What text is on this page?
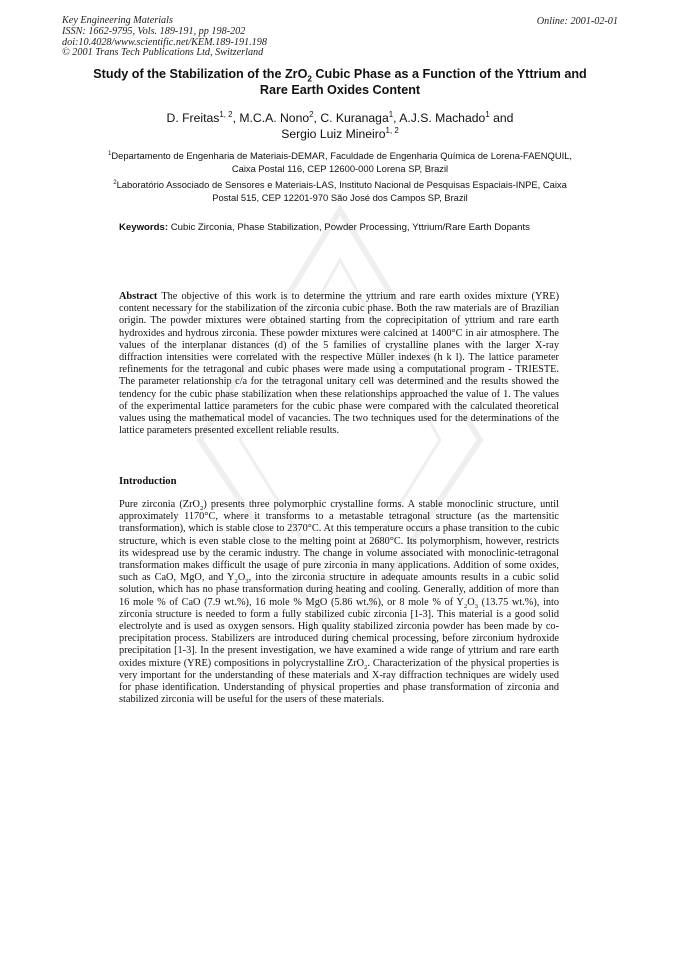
Key Engineering Materials
ISSN: 1662-9795, Vols. 189-191, pp 198-202
doi:10.4028/www.scientific.net/KEM.189-191.198
© 2001 Trans Tech Publications Ltd, Switzerland
Online: 2001-02-01
Study of the Stabilization of the ZrO$_2$ Cubic Phase as a Function of the Yttrium and Rare Earth Oxides Content
D. Freitas$^{1, 2}$, M.C.A. Nono$^2$, C. Kuranaga$^1$, A.J.S. Machado$^1$ and
Sergio Luiz Mineiro$^{1, 2}$
$^1$Departamento de Engenharia de Materiais-DEMAR, Faculdade de Engenharia Química de Lorena-FAENQUIL, Caixa Postal 116, CEP 12600-000 Lorena SP, Brazil
$^2$Laboratório Associado de Sensores e Materiais-LAS, Instituto Nacional de Pesquisas Espaciais-INPE, Caixa Postal 515, CEP 12201-970 São José dos Campos SP, Brazil
Keywords: Cubic Zirconia, Phase Stabilization, Powder Processing, Yttrium/Rare Earth Dopants
Abstract The objective of this work is to determine the yttrium and rare earth oxides mixture (YRE) content necessary for the stabilization of the zirconia cubic phase. Both the raw materials are of Brazilian origin. The powder mixtures were obtained starting from the coprecipitation of yttrium and rare earth hydroxides and hydrous zirconia. These powder mixtures were calcined at 1400°C in air atmosphere. The values of the interplanar distances (d) of the 5 families of crystalline planes with the larger X-ray diffraction intensities were correlated with the respective Müller indexes (h k l). The lattice parameter refinements for the tetragonal and cubic phases were made using a computational program - TRIESTE. The parameter relationship c/a for the tetragonal unitary cell was determined and the results showed the tendency for the cubic phase stabilization when these relationships approached the value of 1. The values of the experimental lattice parameters for the cubic phase were compared with the calculated theoretical values using the mathematical model of vacancies. The two techniques used for the determinations of the lattice parameters presented excellent reliable results.
Introduction
Pure zirconia (ZrO$_2$) presents three polymorphic crystalline forms. A stable monoclinic structure, until approximately 1170°C, where it transforms to a metastable tetragonal structure (as the martensitic transformation), which is stable close to 2370°C. At this temperature occurs a phase transition to the cubic structure, which is even stable close to the melting point at 2680°C. Its polymorphism, however, restricts its widespread use by the ceramic industry. The change in volume associated with monoclinic-tetragonal transformation makes difficult the usage of pure zirconia in many applications. Addition of some oxides, such as CaO, MgO, and $Y_2O_3$, into the zirconia structure in adequate amounts results in a cubic solid solution, which has no phase transformation during heating and cooling. Generally, addition of more than 16 mole % of CaO (7.9 wt.%), 16 mole % MgO (5.86 wt.%), or 8 mole % of $Y_2O_3$ (13.75 wt.%), into zirconia structure is needed to form a fully stabilized cubic zirconia [1-3]. This material is a good solid electrolyte and is used as oxygen sensors. High quality stabilized zirconia powder has been made by co-precipitation process. Stabilizers are introduced during chemical processing, before zirconium hydroxide precipitation [1-3]. In the present investigation, we have examined a wide range of yttrium and rare earth oxides mixture (YRE) compositions in polycrystalline ZrO$_2$. Characterization of the physical properties is very important for the understanding of these materials and X-ray diffraction techniques are widely used for phase identification. Understanding of physical properties and phase transformation of zirconia and stabilized zirconia will be useful for the users of these materials.
